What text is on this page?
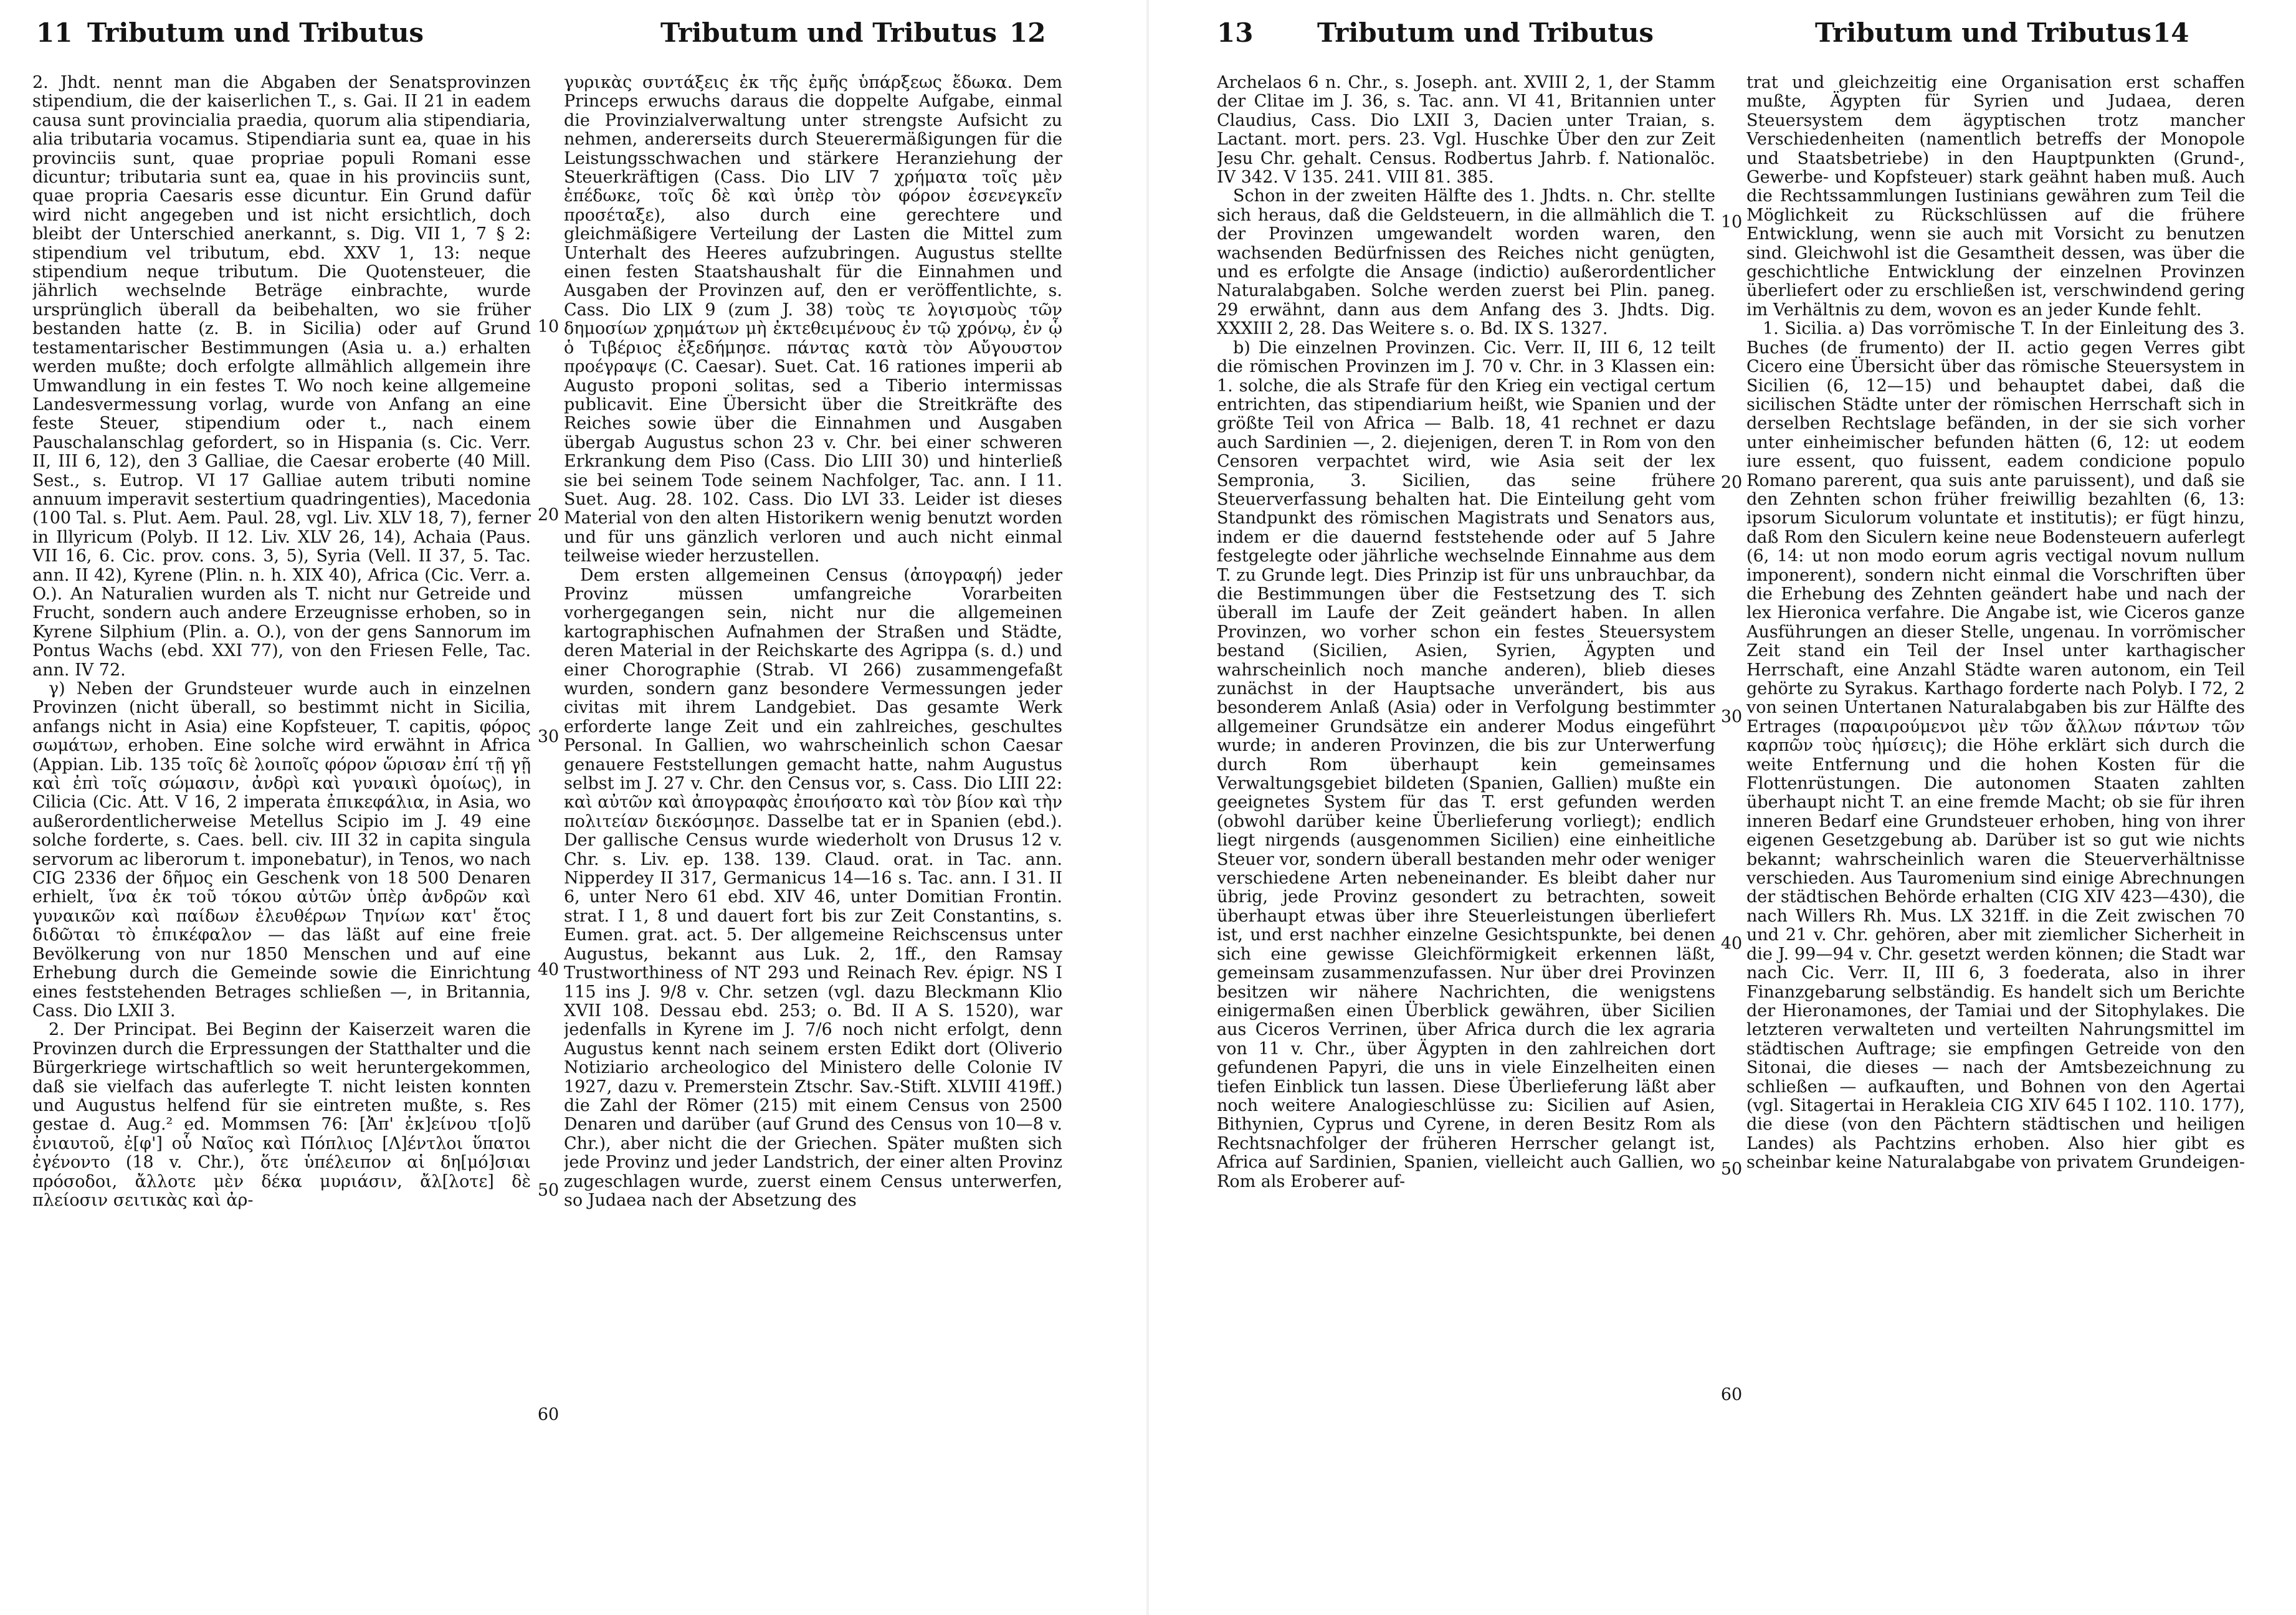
11 Tributum und Tributus	Tributum und Tributus 12

2. Jhdt. nennt man die Abgaben der Senatsprovinzen stipendium, die der kaiserlichen T., s. Gai. II 21 in eadem causa sunt provincialia praedia, quorum alia stipendiaria, alia tributaria vocamus. Stipendiaria sunt ea, quae in his provinciis sunt, quae propriae populi Romani esse dicuntur; tributaria sunt ea, quae in his provinciis sunt, quae propria Caesaris esse dicuntur. Ein Grund dafür wird nicht angegeben und ist nicht ersichtlich, doch bleibt der Unterschied anerkannt, s. Dig. VII 1, 7 § 2: stipendium vel tributum, ebd. XXV 1, 13: neque stipendium neque tributum. Die Quotensteuer, die jährlich wechselnde Beträge einbrachte, wurde ursprünglich überall da beibehalten, wo sie früher bestanden hatte (z. B. in Sicilia) oder auf Grund testamentarischer Bestimmungen (Asia u. a.) erhalten werden mußte; doch erfolgte allmählich allgemein ihre Umwandlung in ein festes T. Wo noch keine allgemeine Landesvermessung vorlag, wurde von Anfang an eine feste Steuer, stipendium oder t., nach einem Pauschalanschlag gefordert, so in Hispania (s. Cic. Verr. II, III 6, 12), den 3 Galliae, die Caesar eroberte (40 Mill. Sest., s. Eutrop. VI 17 Galliae autem tributi nomine annuum imperavit sestertium quadringenties), Macedonia (100 Tal. s. Plut. Aem. Paul. 28, vgl. Liv. XLV 18, 7), ferner in Illyricum (Polyb. II 12. Liv. XLV 26, 14), Achaia (Paus. VII 16, 6. Cic. prov. cons. 3, 5), Syria (Vell. II 37, 5. Tac. ann. II 42), Kyrene (Plin. n. h. XIX 40), Africa (Cic. Verr. a. O.). An Naturalien wurden als T. nicht nur Getreide und Frucht, sondern auch andere Erzeugnisse erhoben, so in Kyrene Silphium (Plin. a. O.), von der gens Sannorum im Pontus Wachs (ebd. XXI 77), von den Friesen Felle, Tac. ann. IV 72.

γ) Neben der Grundsteuer wurde auch in einzelnen Provinzen (nicht überall, so bestimmt nicht in Sicilia, anfangs nicht in Asia) eine Kopfsteuer, T. capitis, φόρος σωμάτων, erhoben. Eine solche wird erwähnt in Africa (Appian. Lib. 135 τοῖς δὲ λοιποῖς φόρον ὥρισαν ἐπί τῇ γῇ καὶ ἐπὶ τοῖς σώμασιν, ἀνδρὶ καὶ γυναικὶ ὁμοίως), in Cilicia (Cic. Att. V 16, 2 imperata ἐπικεφάλια, in Asia, wo außerordentlicherweise Metellus Scipio im J. 49 eine solche forderte, s. Caes. bell. civ. III 32 in capita singula servorum ac liberorum t. imponebatur), in Tenos, wo nach CIG 2336 der δῆμος ein Geschenk von 18 500 Denaren erhielt, ἵνα ἐκ τοῦ τόκου αὐτῶν ὑπὲρ ἀνδρῶν καὶ γυναικῶν καὶ παίδων ἐλευθέρων Τηνίων κατ' ἔτος διδῶται τὸ ἐπικέφαλον — das läßt auf eine freie Bevölkerung von nur 1850 Menschen und auf eine Erhebung durch die Gemeinde sowie die Einrichtung eines feststehenden Betrages schließen —, in Britannia, Cass. Dio LXII 3.

2. Der Principat. Bei Beginn der Kaiserzeit waren die Provinzen durch die Erpressungen der Statthalter und die Bürgerkriege wirtschaftlich so weit heruntergekommen, daß sie vielfach das auferlegte T. nicht leisten konnten und Augustus helfend für sie eintreten mußte, s. Res gestae d. Aug.² ed. Mommsen 76: [Ἀπ' ἐκ]είνου τ[ο]ῦ ἐνιαυτοῦ, ἐ[φ'] οὗ Ναῖος καὶ Πόπλιος [Λ]έντλοι ὕπατοι ἐγένοντο (18 v. Chr.), ὅτε ὑπέλειπον αἱ δη[μό]σιαι πρόσοδοι, ἄλλοτε μὲν δέκα μυριάσιν, ἄλ[λοτε] δὲ πλείοσιν σειτικὰς καὶ ἀρ-

10
20
30
40
50
60

γυρικὰς συντάξεις ἐκ τῆς ἐμῆς ὑπάρξεως ἔδωκα. Dem Princeps erwuchs daraus die doppelte Aufgabe, einmal die Provinzialverwaltung unter strengste Aufsicht zu nehmen, andererseits durch Steuerermäßigungen für die Leistungsschwachen und stärkere Heranziehung der Steuerkräftigen (Cass. Dio LIV 7 χρήματα τοῖς μὲν ἐπέδωκε, τοῖς δὲ καὶ ὑπὲρ τὸν φόρον ἐσενεγκεῖν προσέταξε), also durch eine gerechtere und gleichmäßigere Verteilung der Lasten die Mittel zum Unterhalt des Heeres aufzubringen. Augustus stellte einen festen Staatshaushalt für die Einnahmen und Ausgaben der Provinzen auf, den er veröffentlichte, s. Cass. Dio LIX 9 (zum J. 38) τοὺς τε λογισμοὺς τῶν δημοσίων χρημάτων μὴ ἐκτεθειμένους ἐν τῷ χρόνῳ, ἐν ᾧ ὁ Τιβέριος ἐξεδήμησε. πάντας κατὰ τὸν Αὔγουστον προέγραψε (C. Caesar). Suet. Cat. 16 rationes imperii ab Augusto proponi solitas, sed a Tiberio intermissas publicavit. Eine Übersicht über die Streitkräfte des Reiches sowie über die Einnahmen und Ausgaben übergab Augustus schon 23 v. Chr. bei einer schweren Erkrankung dem Piso (Cass. Dio LIII 30) und hinterließ sie bei seinem Tode seinem Nachfolger, Tac. ann. I 11. Suet. Aug. 28. 102. Cass. Dio LVI 33. Leider ist dieses Material von den alten Historikern wenig benutzt worden und für uns gänzlich verloren und auch nicht einmal teilweise wieder herzustellen.

Dem ersten allgemeinen Census (ἀπογραφή) jeder Provinz müssen umfangreiche Vorarbeiten vorhergegangen sein, nicht nur die allgemeinen kartographischen Aufnahmen der Straßen und Städte, deren Material in der Reichskarte des Agrippa (s. d.) und einer Chorographie (Strab. VI 266) zusammengefaßt wurden, sondern ganz besondere Vermessungen jeder civitas mit ihrem Landgebiet. Das gesamte Werk erforderte lange Zeit und ein zahlreiches, geschultes Personal. In Gallien, wo wahrscheinlich schon Caesar genauere Feststellungen gemacht hatte, nahm Augustus selbst im J. 27 v. Chr. den Census vor, s. Cass. Dio LIII 22: καὶ αὐτῶν καὶ ἀπογραφὰς ἐποιήσατο καὶ τὸν βίον καὶ τὴν πολιτείαν διεκόσμησε. Dasselbe tat er in Spanien (ebd.). Der gallische Census wurde wiederholt von Drusus 12 v. Chr. s. Liv. ep. 138. 139. Claud. orat. in Tac. ann. Nipperdey II 317, Germanicus 14—16 s. Tac. ann. I 31. II 6, unter Nero 61 ebd. XIV 46, unter Domitian Frontin. strat. I 1, 8 und dauert fort bis zur Zeit Constantins, s. Eumen. grat. act. 5. Der allgemeine Reichscensus unter Augustus, bekannt aus Luk. 2, 1ff., den Ramsay Trustworthiness of NT 293 und Reinach Rev. épigr. NS I 115 ins J. 9/8 v. Chr. setzen (vgl. dazu Bleckmann Klio XVII 108. Dessau ebd. 253; o. Bd. II A S. 1520), war jedenfalls in Kyrene im J. 7/6 noch nicht erfolgt, denn Augustus kennt nach seinem ersten Edikt dort (Oliverio Notiziario archeologico del Ministero delle Colonie IV 1927, dazu v. Premerstein Ztschr. Sav.-Stift. XLVIII 419ff.) die Zahl der Römer (215) mit einem Census von 2500 Denaren und darüber (auf Grund des Census von 10—8 v. Chr.), aber nicht die der Griechen. Später mußten sich jede Provinz und jeder Landstrich, der einer alten Provinz zugeschlagen wurde, zuerst einem Census unterwerfen, so Judaea nach der Absetzung des

13 Tributum und Tributus	Tributum und Tributus 14

Archelaos 6 n. Chr., s. Joseph. ant. XVIII 2, 1, der Stamm der Clitae im J. 36, s. Tac. ann. VI 41, Britannien unter Claudius, Cass. Dio LXII 3, Dacien unter Traian, s. Lactant. mort. pers. 23. Vgl. Huschke Über den zur Zeit Jesu Chr. gehalt. Census. Rodbertus Jahrb. f. Nationalöc. IV 342. V 135. 241. VIII 81. 385.

Schon in der zweiten Hälfte des 1. Jhdts. n. Chr. stellte sich heraus, daß die Geldsteuern, in die allmählich die T. der Provinzen umgewandelt worden waren, den wachsenden Bedürfnissen des Reiches nicht genügten, und es erfolgte die Ansage (indictio) außerordentlicher Naturalabgaben. Solche werden zuerst bei Plin. paneg. 29 erwähnt, dann aus dem Anfang des 3. Jhdts. Dig. XXXIII 2, 28. Das Weitere s. o. Bd. IX S. 1327.

b) Die einzelnen Provinzen. Cic. Verr. II, III 6, 12 teilt die römischen Provinzen im J. 70 v. Chr. in 3 Klassen ein: 1. solche, die als Strafe für den Krieg ein vectigal certum entrichten, das stipendiarium heißt, wie Spanien und der größte Teil von Africa — Balb. 18, 41 rechnet er dazu auch Sardinien —, 2. diejenigen, deren T. in Rom von den Censoren verpachtet wird, wie Asia seit der lex Sempronia, 3. Sicilien, das seine frühere Steuerverfassung behalten hat. Die Einteilung geht vom Standpunkt des römischen Magistrats und Senators aus, indem er die dauernd feststehende oder auf 5 Jahre festgelegte oder jährliche wechselnde Einnahme aus dem T. zu Grunde legt. Dies Prinzip ist für uns unbrauchbar, da die Bestimmungen über die Festsetzung des T. sich überall im Laufe der Zeit geändert haben. In allen Provinzen, wo vorher schon ein festes Steuersystem bestand (Sicilien, Asien, Syrien, Ägypten und wahrscheinlich noch manche anderen), blieb dieses zunächst in der Hauptsache unverändert, bis aus besonderem Anlaß (Asia) oder in Verfolgung bestimmter allgemeiner Grundsätze ein anderer Modus eingeführt wurde; in anderen Provinzen, die bis zur Unterwerfung durch Rom überhaupt kein gemeinsames Verwaltungsgebiet bildeten (Spanien, Gallien) mußte ein geeignetes System für das T. erst gefunden werden (obwohl darüber keine Überlieferung vorliegt); endlich liegt nirgends (ausgenommen Sicilien) eine einheitliche Steuer vor, sondern überall bestanden mehr oder weniger verschiedene Arten nebeneinander. Es bleibt daher nur übrig, jede Provinz gesondert zu betrachten, soweit überhaupt etwas über ihre Steuerleistungen überliefert ist, und erst nachher einzelne Gesichtspunkte, bei denen sich eine gewisse Gleichförmigkeit erkennen läßt, gemeinsam zusammenzufassen. Nur über drei Provinzen besitzen wir nähere Nachrichten, die wenigstens einigermaßen einen Überblick gewähren, über Sicilien aus Ciceros Verrinen, über Africa durch die lex agraria von 11 v. Chr., über Ägypten in den zahlreichen dort gefundenen Papyri, die uns in viele Einzelheiten einen tiefen Einblick tun lassen. Diese Überlieferung läßt aber noch weitere Analogieschlüsse zu: Sicilien auf Asien, Bithynien, Cyprus und Cyrene, in deren Besitz Rom als Rechtsnachfolger der früheren Herrscher gelangt ist, Africa auf Sardinien, Spanien, vielleicht auch Gallien, wo Rom als Eroberer auf-

10
20
30
40
50
60

trat und gleichzeitig eine Organisation erst schaffen mußte, Ägypten für Syrien und Judaea, deren Steuersystem dem ägyptischen trotz mancher Verschiedenheiten (namentlich betreffs der Monopole und Staatsbetriebe) in den Hauptpunkten (Grund-, Gewerbe- und Kopfsteuer) stark geähnt haben muß. Auch die Rechtssammlungen Iustinians gewähren zum Teil die Möglichkeit zu Rückschlüssen auf die frühere Entwicklung, wenn sie auch mit Vorsicht zu benutzen sind. Gleichwohl ist die Gesamtheit dessen, was über die geschichtliche Entwicklung der einzelnen Provinzen überliefert oder zu erschließen ist, verschwindend gering im Verhältnis zu dem, wovon es an jeder Kunde fehlt.

1. Sicilia. a) Das vorrömische T. In der Einleitung des 3. Buches (de frumento) der II. actio gegen Verres gibt Cicero eine Übersicht über das römische Steuersystem in Sicilien (6, 12—15) und behauptet dabei, daß die sicilischen Städte unter der römischen Herrschaft sich in derselben Rechtslage befänden, in der sie sich vorher unter einheimischer befunden hätten (6, 12: ut eodem iure essent, quo fuissent, eadem condicione populo Romano parerent, qua suis ante paruissent), und daß sie den Zehnten schon früher freiwillig bezahlten (6, 13: ipsorum Siculorum voluntate et institutis); er fügt hinzu, daß Rom den Siculern keine neue Bodensteuern auferlegt (6, 14: ut non modo eorum agris vectigal novum nullum imponerent), sondern nicht einmal die Vorschriften über die Erhebung des Zehnten geändert habe und nach der lex Hieronica verfahre. Die Angabe ist, wie Ciceros ganze Ausführungen an dieser Stelle, ungenau. In vorrömischer Zeit stand ein Teil der Insel unter karthagischer Herrschaft, eine Anzahl Städte waren autonom, ein Teil gehörte zu Syrakus. Karthago forderte nach Polyb. I 72, 2 von seinen Untertanen Naturalabgaben bis zur Hälfte des Ertrages (παραιρούμενοι μὲν τῶν ἄλλων πάντων τῶν καρπῶν τοὺς ἡμίσεις); die Höhe erklärt sich durch die weite Entfernung und die hohen Kosten für die Flottenrüstungen. Die autonomen Staaten zahlten überhaupt nicht T. an eine fremde Macht; ob sie für ihren inneren Bedarf eine Grundsteuer erhoben, hing von ihrer eigenen Gesetzgebung ab. Darüber ist so gut wie nichts bekannt; wahrscheinlich waren die Steuerverhältnisse verschieden. Aus Tauromenium sind einige Abrechnungen der städtischen Behörde erhalten (CIG XIV 423—430), die nach Willers Rh. Mus. LX 321ff. in die Zeit zwischen 70 und 21 v. Chr. gehören, aber mit ziemlicher Sicherheit in die J. 99—94 v. Chr. gesetzt werden können; die Stadt war nach Cic. Verr. II, III 6, 3 foederata, also in ihrer Finanzgebarung selbständig. Es handelt sich um Berichte der Hieronamones, der Tamiai und der Sitophylakes. Die letzteren verwalteten und verteilten Nahrungsmittel im städtischen Auftrage; sie empfingen Getreide von den Sitonai, die dieses — nach der Amtsbezeichnung zu schließen — aufkauften, und Bohnen von den Agertai (vgl. Sitagertai in Herakleia CIG XIV 645 I 102. 110. 177), die diese (von den Pächtern städtischen und heiligen Landes) als Pachtzins erhoben. Also hier gibt es scheinbar keine Naturalabgabe von privatem Grundeigen-
